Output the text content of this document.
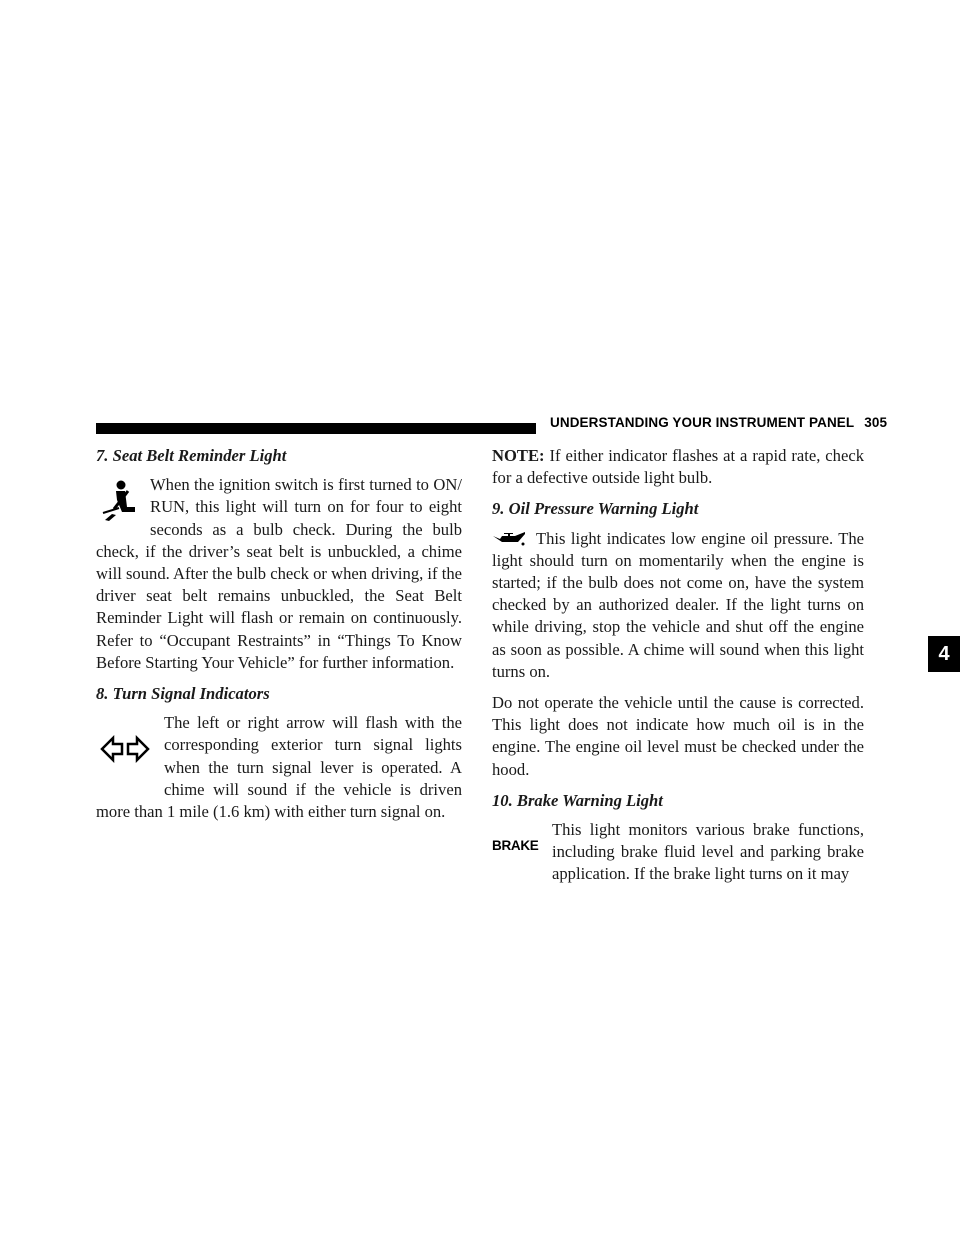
UNDERSTANDING YOUR INSTRUMENT PANEL 305
4
7. Seat Belt Reminder Light

When the ignition switch is first turned to ON/ RUN, this light will turn on for four to eight seconds as a bulb check. During the bulb check, if the driver’s seat belt is unbuckled, a chime will sound. After the bulb check or when driving, if the driver seat belt remains unbuckled, the Seat Belt Reminder Light will flash or remain on continuously. Refer to “Occupant Restraints” in “Things To Know Before Starting Your Vehicle” for further information.

8. Turn Signal Indicators

The left or right arrow will flash with the corresponding exterior turn signal lights when the turn signal lever is operated. A chime will sound if the vehicle is driven more than 1 mile (1.6 km) with either turn signal on.

NOTE: If either indicator flashes at a rapid rate, check for a defective outside light bulb.

9. Oil Pressure Warning Light

This light indicates low engine oil pressure. The light should turn on momentarily when the engine is started; if the bulb does not come on, have the system checked by an authorized dealer. If the light turns on while driving, stop the vehicle and shut off the engine as soon as possible. A chime will sound when this light turns on.

Do not operate the vehicle until the cause is corrected. This light does not indicate how much oil is in the engine. The engine oil level must be checked under the hood.

10. Brake Warning Light

BRAKE
This light monitors various brake functions, including brake fluid level and parking brake application. If the brake light turns on it may
